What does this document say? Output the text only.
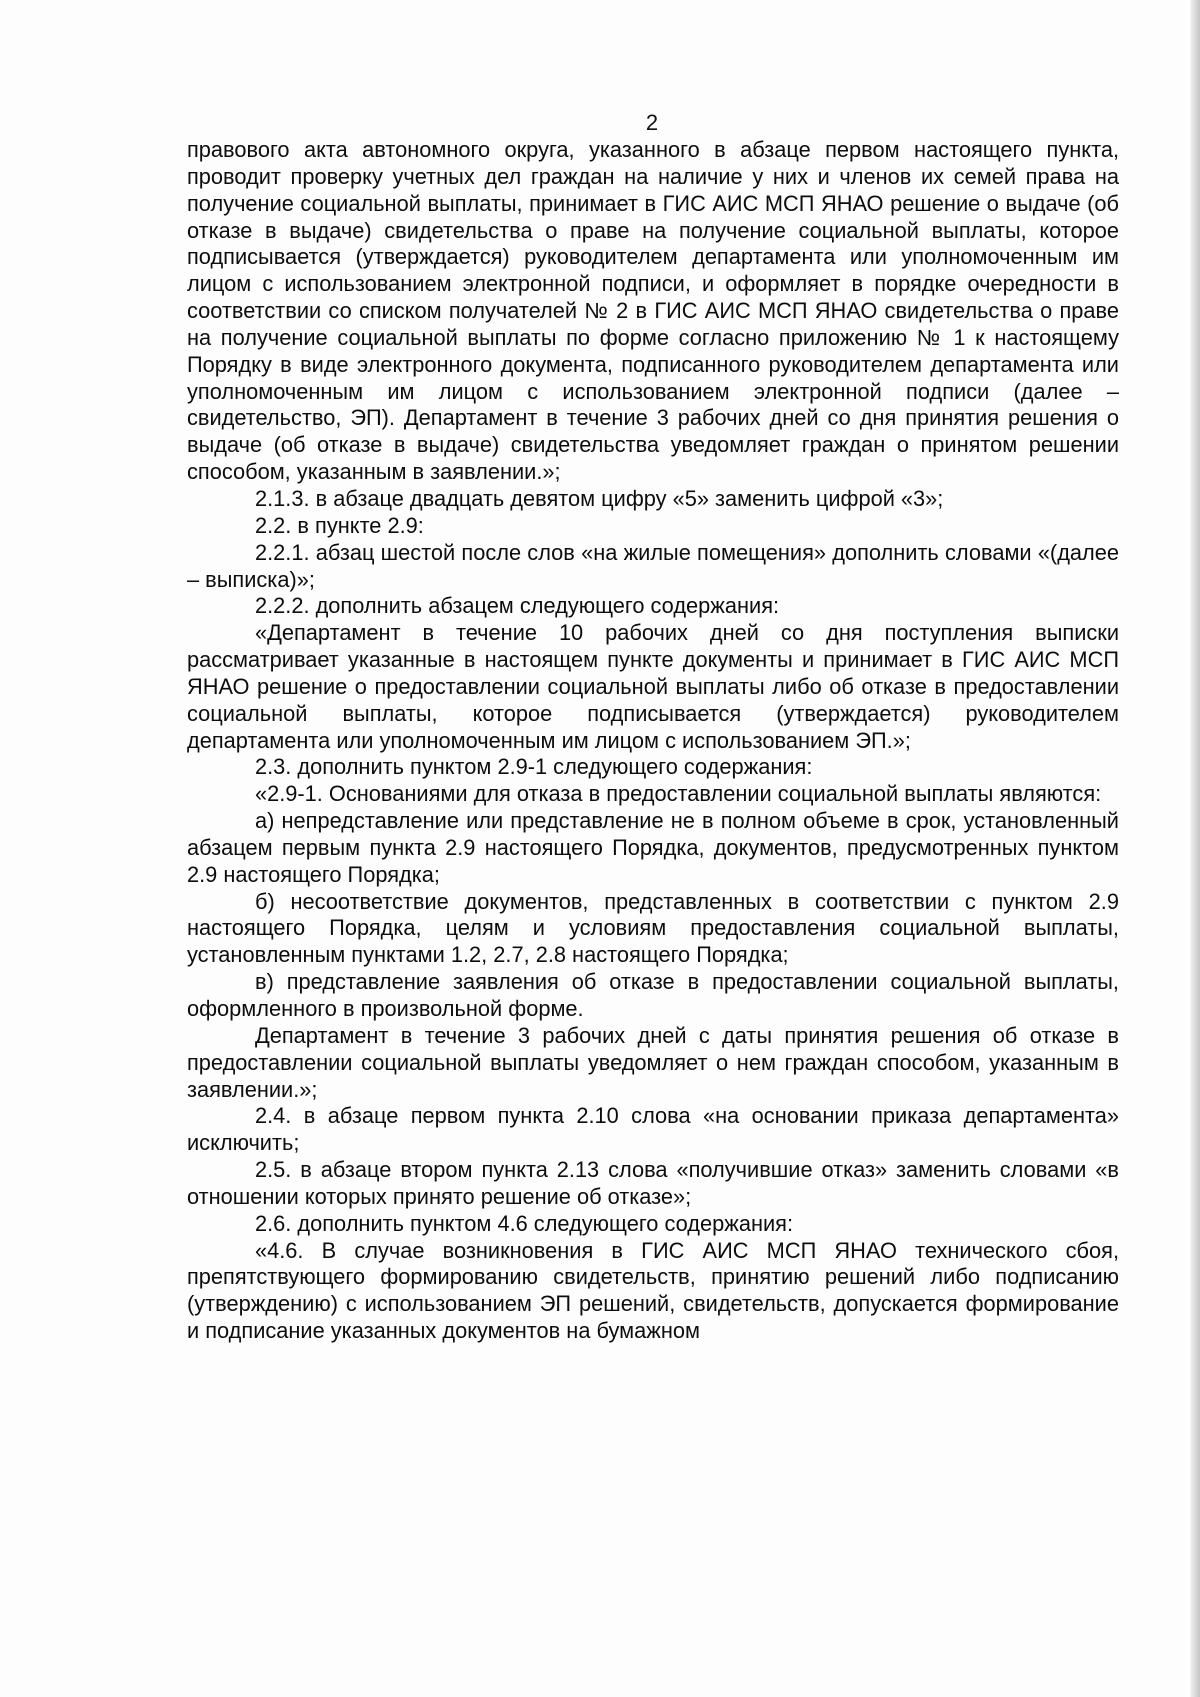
2

правового акта автономного округа, указанного в абзаце первом настоящего пункта, проводит проверку учетных дел граждан на наличие у них и членов их семей права на получение социальной выплаты, принимает в ГИС АИС МСП ЯНАО решение о выдаче (об отказе в выдаче) свидетельства о праве на получение социальной выплаты, которое подписывается (утверждается) руководителем департамента или уполномоченным им лицом с использованием электронной подписи, и оформляет в порядке очередности в соответствии со списком получателей № 2 в ГИС АИС МСП ЯНАО свидетельства о праве на получение социальной выплаты по форме согласно приложению № 1 к настоящему Порядку в виде электронного документа, подписанного руководителем департамента или уполномоченным им лицом с использованием электронной подписи (далее – свидетельство, ЭП). Департамент в течение 3 рабочих дней со дня принятия решения о выдаче (об отказе в выдаче) свидетельства уведомляет граждан о принятом решении способом, указанным в заявлении.»;

2.1.3. в абзаце двадцать девятом цифру «5» заменить цифрой «3»;

2.2. в пункте 2.9:

2.2.1. абзац шестой после слов «на жилые помещения» дополнить словами «(далее – выписка)»;

2.2.2. дополнить абзацем следующего содержания:

«Департамент в течение 10 рабочих дней со дня поступления выписки рассматривает указанные в настоящем пункте документы и принимает в ГИС АИС МСП ЯНАО решение о предоставлении социальной выплаты либо об отказе в предоставлении социальной выплаты, которое подписывается (утверждается) руководителем департамента или уполномоченным им лицом с использованием ЭП.»;

2.3. дополнить пунктом 2.9-1 следующего содержания:

«2.9-1. Основаниями для отказа в предоставлении социальной выплаты являются:

а) непредставление или представление не в полном объеме в срок, установленный абзацем первым пункта 2.9 настоящего Порядка, документов, предусмотренных пунктом 2.9 настоящего Порядка;

б) несоответствие документов, представленных в соответствии с пунктом 2.9 настоящего Порядка, целям и условиям предоставления социальной выплаты, установленным пунктами 1.2, 2.7, 2.8 настоящего Порядка;

в) представление заявления об отказе в предоставлении социальной выплаты, оформленного в произвольной форме.

Департамент в течение 3 рабочих дней с даты принятия решения об отказе в предоставлении социальной выплаты уведомляет о нем граждан способом, указанным в заявлении.»;

2.4. в абзаце первом пункта 2.10 слова «на основании приказа департамента» исключить;

2.5. в абзаце втором пункта 2.13 слова «получившие отказ» заменить словами «в отношении которых принято решение об отказе»;

2.6. дополнить пунктом 4.6 следующего содержания:

«4.6. В случае возникновения в ГИС АИС МСП ЯНАО технического сбоя, препятствующего формированию свидетельств, принятию решений либо подписанию (утверждению) с использованием ЭП решений, свидетельств, допускается формирование и подписание указанных документов на бумажном
